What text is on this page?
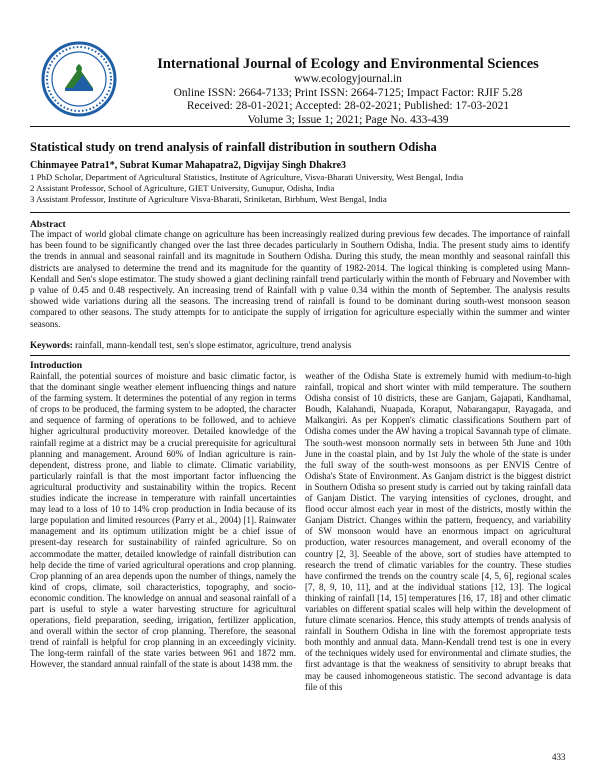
International Journal of Ecology and Environmental Sciences
www.ecologyjournal.in
Online ISSN: 2664-7133; Print ISSN: 2664-7125; Impact Factor: RJIF 5.28
Received: 28-01-2021; Accepted: 28-02-2021; Published: 17-03-2021
Volume 3; Issue 1; 2021; Page No. 433-439
Statistical study on trend analysis of rainfall distribution in southern Odisha
Chinmayee Patra1*, Subrat Kumar Mahapatra2, Digvijay Singh Dhakre3
1 PhD Scholar, Department of Agricultural Statistics, Institute of Agriculture, Visva-Bharati University, West Bengal, India
2 Assistant Professor, School of Agriculture, GIET University, Gunupur, Odisha, India
3 Assistant Professor, Institute of Agriculture Visva-Bharati, Sriniketan, Birbhum, West Bengal, India
Abstract
The impact of world global climate change on agriculture has been increasingly realized during previous few decades. The importance of rainfall has been found to be significantly changed over the last three decades particularly in Southern Odisha, India. The present study aims to identify the trends in annual and seasonal rainfall and its magnitude in Southern Odisha. During this study, the mean monthly and seasonal rainfall this districts are analysed to determine the trend and its magnitude for the quantity of 1982-2014. The logical thinking is completed using Mann-Kendall and Sen's slope estimator. The study showed a giant declining rainfall trend particularly within the month of February and November with p value of 0.45 and 0.48 respectively. An increasing trend of Rainfall with p value 0.34 within the month of September. The analysis results showed wide variations during all the seasons. The increasing trend of rainfall is found to be dominant during south-west monsoon season compared to other seasons. The study attempts for to anticipate the supply of irrigation for agriculture especially within the summer and winter seasons.
Keywords: rainfall, mann-kendall test, sen's slope estimator, agriculture, trend analysis
Introduction
Rainfall, the potential sources of moisture and basic climatic factor, is that the dominant single weather element influencing things and nature of the farming system. It determines the potential of any region in terms of crops to be produced, the farming system to be adopted, the character and sequence of farming of operations to be followed, and to achieve higher agricultural productivity moreover. Detailed knowledge of the rainfall regime at a district may be a crucial prerequisite for agricultural planning and management. Around 60% of Indian agriculture is rain-dependent, distress prone, and liable to climate. Climatic variability, particularly rainfall is that the most important factor influencing the agricultural productivity and sustainability within the tropics. Recent studies indicate the increase in temperature with rainfall uncertainties may lead to a loss of 10 to 14% crop production in India because of its large population and limited resources (Parry et al., 2004) [1]. Rainwater management and its optimum utilization might be a chief issue of present-day research for sustainability of rainfed agriculture. So on accommodate the matter, detailed knowledge of rainfall distribution can help decide the time of varied agricultural operations and crop planning. Crop planning of an area depends upon the number of things, namely the kind of crops, climate, soil characteristics, topography, and socio-economic condition. The knowledge on annual and seasonal rainfall of a part is useful to style a water harvesting structure for agricultural operations, field preparation, seeding, irrigation, fertilizer application, and overall within the sector of crop planning. Therefore, the seasonal trend of rainfall is helpful for crop planning in an exceedingly vicinity. The long-term rainfall of the state varies between 961 and 1872 mm. However, the standard annual rainfall of the state is about 1438 mm. the
weather of the Odisha State is extremely humid with medium-to-high rainfall, tropical and short winter with mild temperature. The southern Odisha consist of 10 districts, these are Ganjam, Gajapati, Kandhamal, Boudh, Kalahandi, Nuapada, Koraput, Nabarangapur, Rayagada, and Malkangiri. As per Koppen's climatic classifications Southern part of Odisha comes under the AW having a tropical Savannah type of climate. The south-west monsoon normally sets in between 5th June and 10th June in the coastal plain, and by 1st July the whole of the state is under the full sway of the south-west monsoons as per ENVIS Centre of Odisha's State of Environment. As Ganjam district is the biggest district in Southern Odisha so present study is carried out by taking rainfall data of Ganjam Distict. The varying intensities of cyclones, drought, and flood occur almost each year in most of the districts, mostly within the Ganjam District. Changes within the pattern, frequency, and variability of SW monsoon would have an enormous impact on agricultural production, water resources management, and overall economy of the country [2, 3]. Seeable of the above, sort of studies have attempted to research the trend of climatic variables for the country. These studies have confirmed the trends on the country scale [4, 5, 6], regional scales [7, 8, 9, 10, 11], and at the individual stations [12, 13]. The logical thinking of rainfall [14, 15] temperatures [16, 17, 18] and other climatic variables on different spatial scales will help within the development of future climate scenarios. Hence, this study attempts of trends analysis of rainfall in Southern Odisha in line with the foremost appropriate tests both monthly and annual data. Mann-Kendall trend test is one in every of the techniques widely used for environmental and climate studies, the first advantage is that the weakness of sensitivity to abrupt breaks that may be caused inhomogeneous statistic. The second advantage is data file of this
433
